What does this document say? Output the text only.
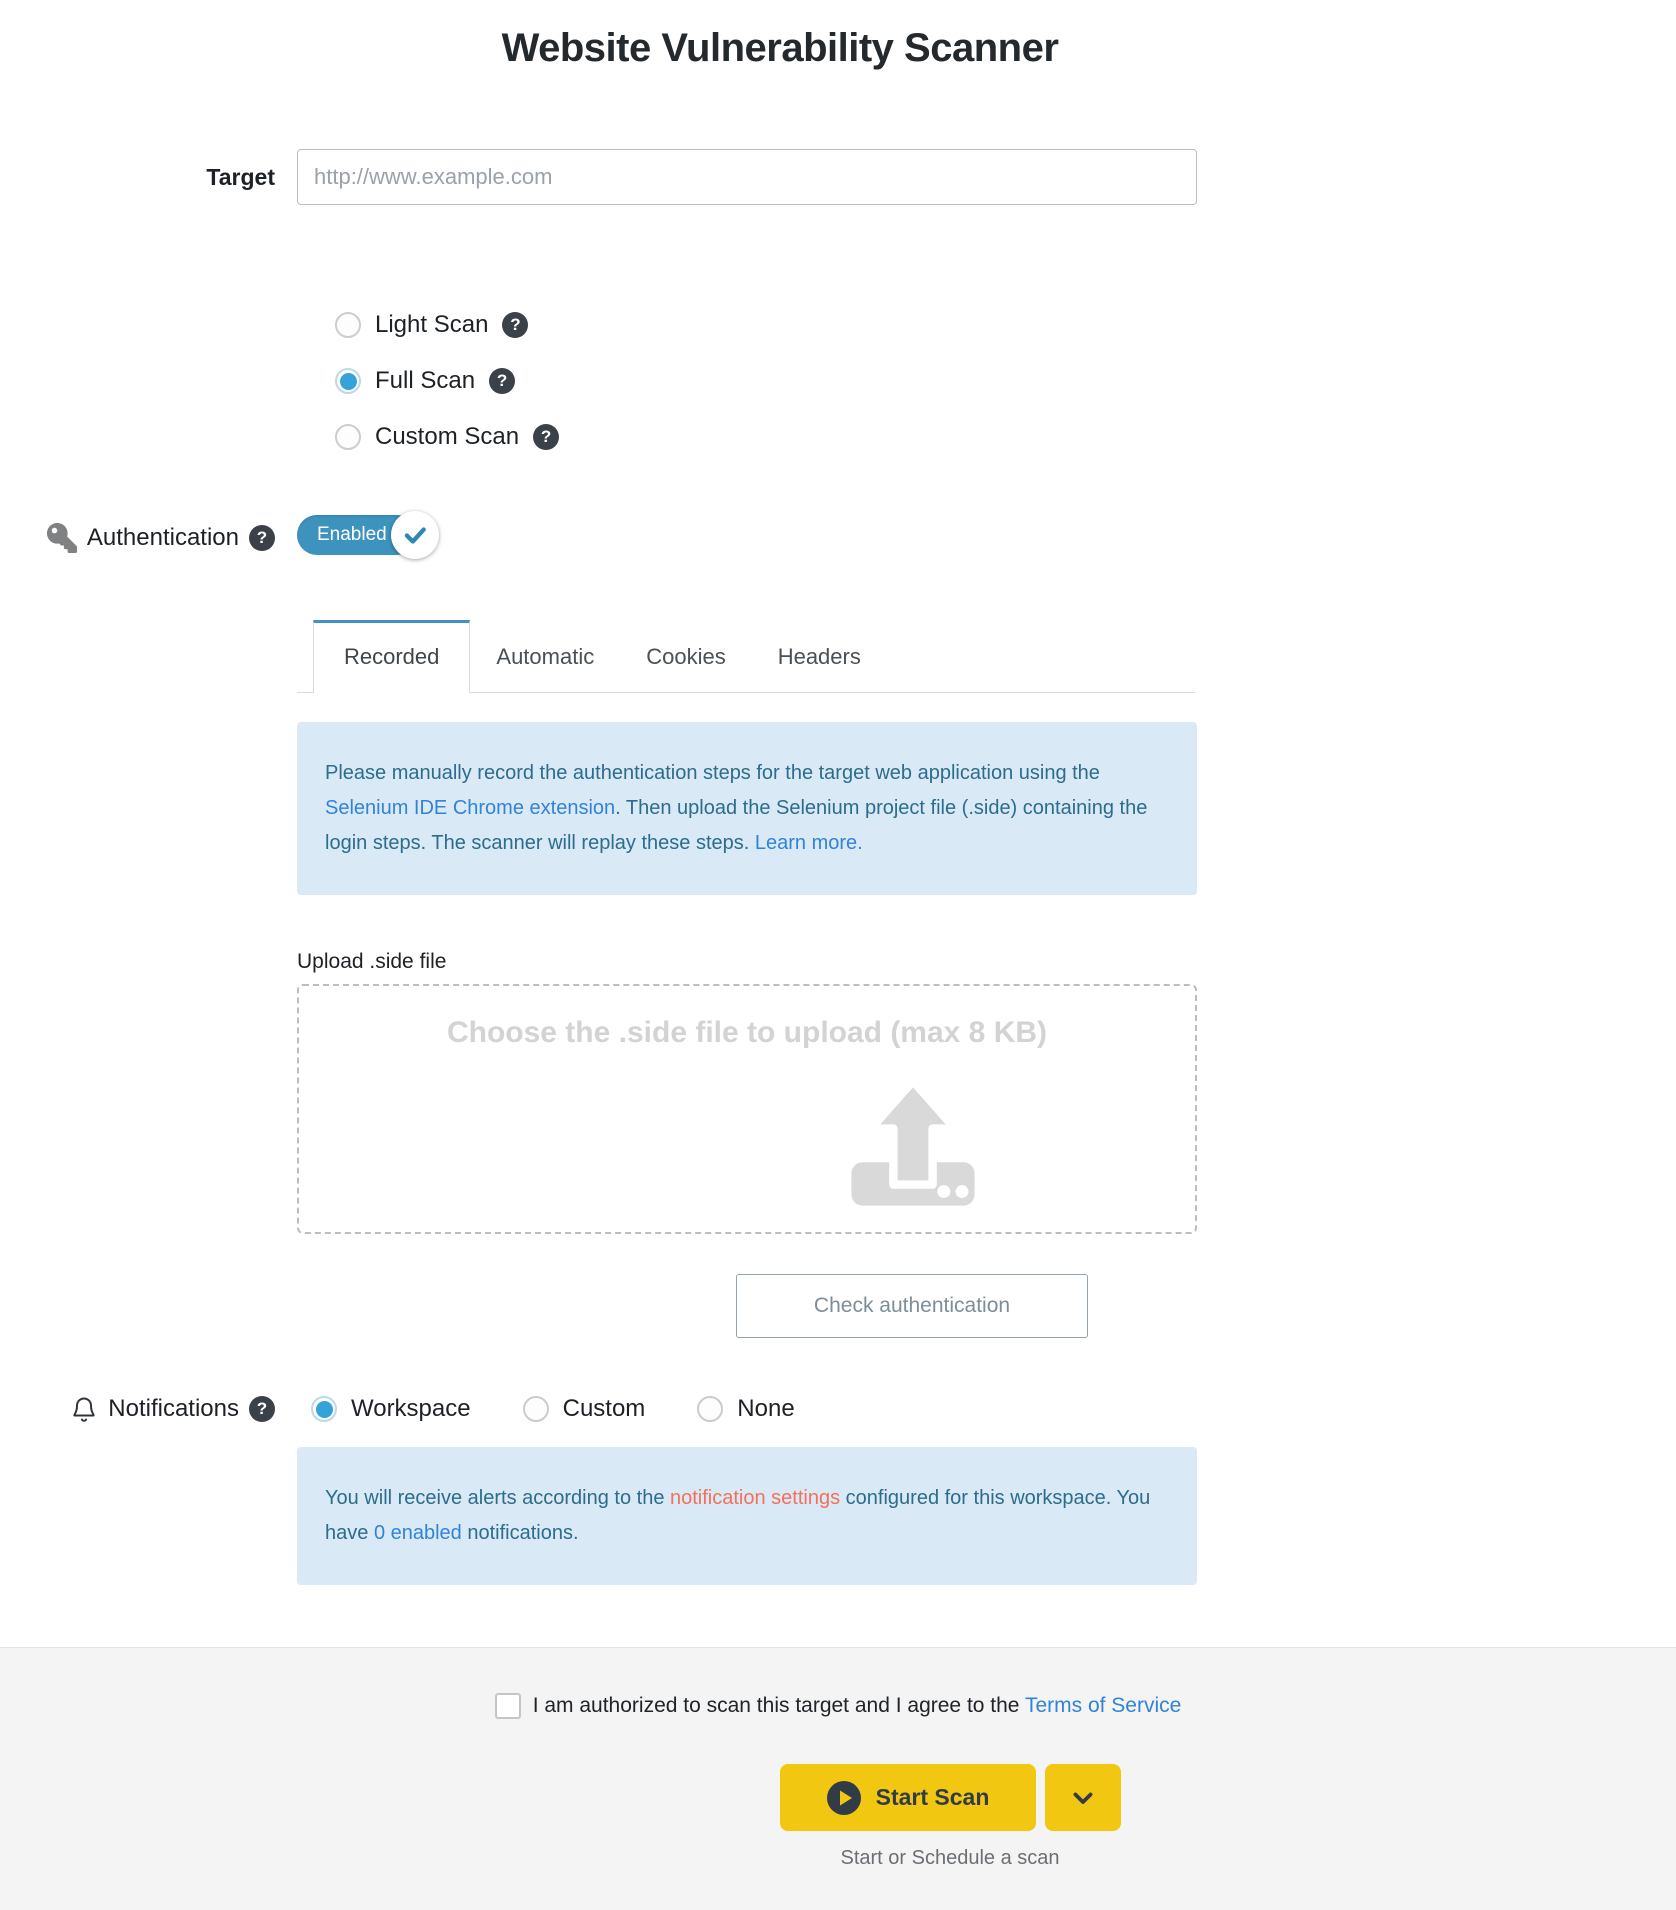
Website Vulnerability Scanner
Target
http://www.example.com
Light Scan
?
Full Scan
?
Custom Scan
?
Authentication ?	Enabled
Recorded	Automatic	Cookies	Headers
Please manually record the authentication steps for the target web application using the Selenium IDE Chrome extension. Then upload the Selenium project file (.side) containing the login steps. The scanner will replay these steps. Learn more.
Upload .side file
Choose the .side file to upload (max 8 KB)
Check authentication
Notifications ?	Workspace	Custom	None
You will receive alerts according to the notification settings configured for this workspace. You have 0 enabled notifications.
I am authorized to scan this target and I agree to the Terms of Service
Start Scan
Start or Schedule a scan
